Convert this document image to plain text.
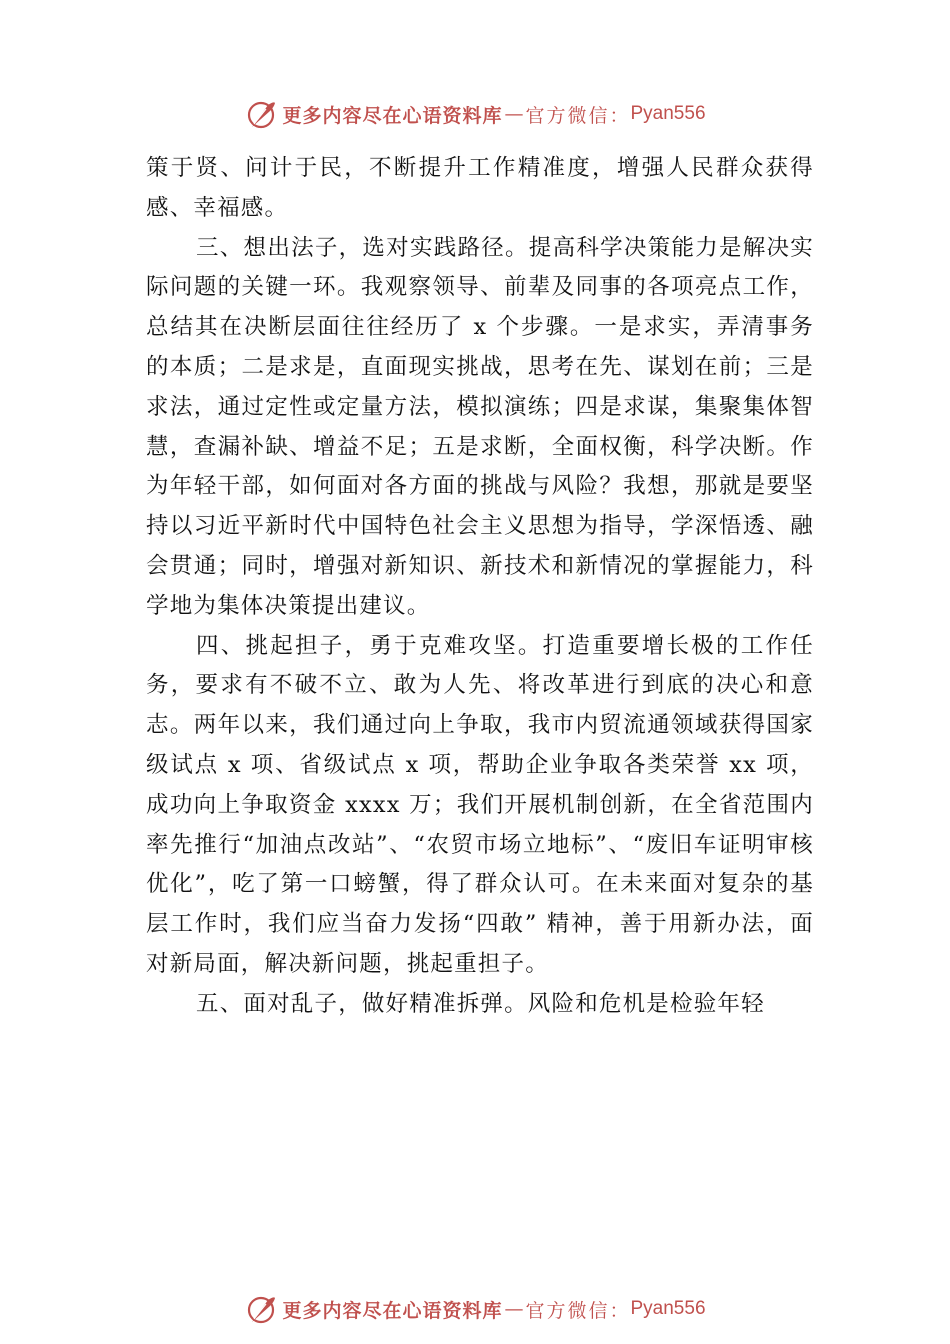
更多内容尽在心语资料库 — 官方微信： Pyan556

策于贤、问计于民，不断提升工作精准度，增强人民群众获得感、幸福感。

三、想出法子，选对实践路径。提高科学决策能力是解决实际问题的关键一环。我观察领导、前辈及同事的各项亮点工作，总结其在决断层面往往经历了 x 个步骤。一是求实，弄清事务的本质；二是求是，直面现实挑战，思考在先、谋划在前；三是求法，通过定性或定量方法，模拟演练；四是求谋，集聚集体智慧，查漏补缺、增益不足；五是求断，全面权衡，科学决断。作为年轻干部，如何面对各方面的挑战与风险？我想，那就是要坚持以习近平新时代中国特色社会主义思想为指导，学深悟透、融会贯通；同时，增强对新知识、新技术和新情况的掌握能力，科学地为集体决策提出建议。

四、挑起担子，勇于克难攻坚。打造重要增长极的工作任务，要求有不破不立、敢为人先、将改革进行到底的决心和意志。两年以来，我们通过向上争取，我市内贸流通领域获得国家级试点 x 项、省级试点 x 项，帮助企业争取各类荣誉 xx 项，成功向上争取资金 xxxx 万；我们开展机制创新，在全省范围内率先推行“加油点改站”、“农贸市场立地标”、“废旧车证明审核优化”，吃了第一口螃蟹，得了群众认可。在未来面对复杂的基层工作时，我们应当奋力发扬“四敢” 精神，善于用新办法，面对新局面，解决新问题，挑起重担子。

五、面对乱子，做好精准拆弹。风险和危机是检验年轻

更多内容尽在心语资料库 — 官方微信： Pyan556
